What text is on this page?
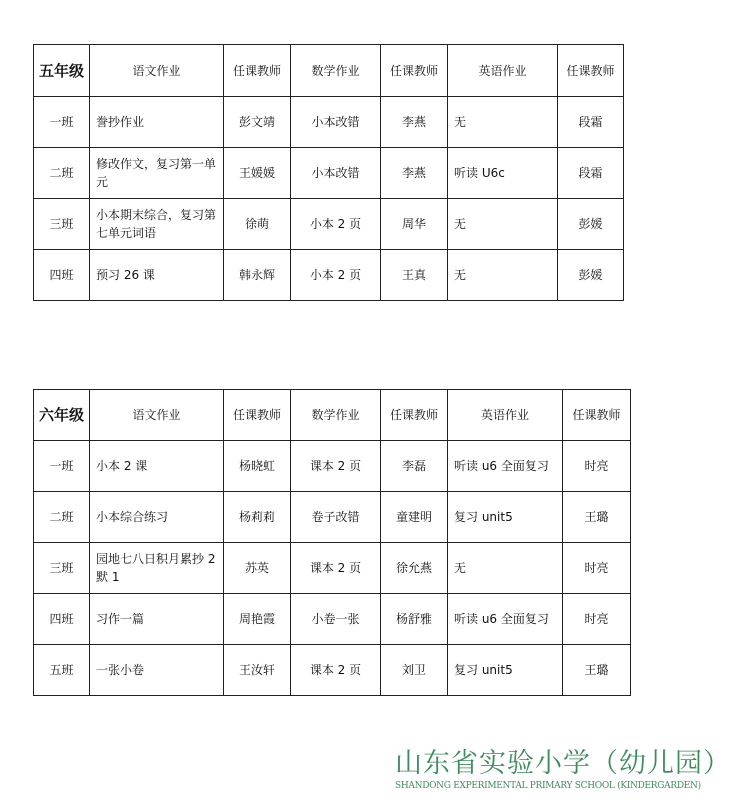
五年级	语文作业	任课教师	数学作业	任课教师	英语作业	任课教师
一班	誊抄作业	彭文靖	小本改错	李燕	无	段霜
二班	修改作文，复习第一单元	王媛媛	小本改错	李燕	听读 U6c	段霜
三班	小本期末综合，复习第七单元词语	徐萌	小本 2 页	周华	无	彭媛
四班	预习 26 课	韩永辉	小本 2 页	王真	无	彭媛
六年级	语文作业	任课教师	数学作业	任课教师	英语作业	任课教师
一班	小本 2 课	杨晓虹	课本 2 页	李磊	听读 u6 全面复习	时亮
二班	小本综合练习	杨莉莉	卷子改错	童建明	复习 unit5	王璐
三班	园地七八日积月累抄 2 默 1	苏英	课本 2 页	徐允燕	无	时亮
四班	习作一篇	周艳霞	小卷一张	杨舒雅	听读 u6 全面复习	时亮
五班	一张小卷	王汝轩	课本 2 页	刘卫	复习 unit5	王璐
山东省实验小学（幼儿园）
SHANDONG EXPERIMENTAL PRIMARY SCHOOL (KINDERGARDEN)
